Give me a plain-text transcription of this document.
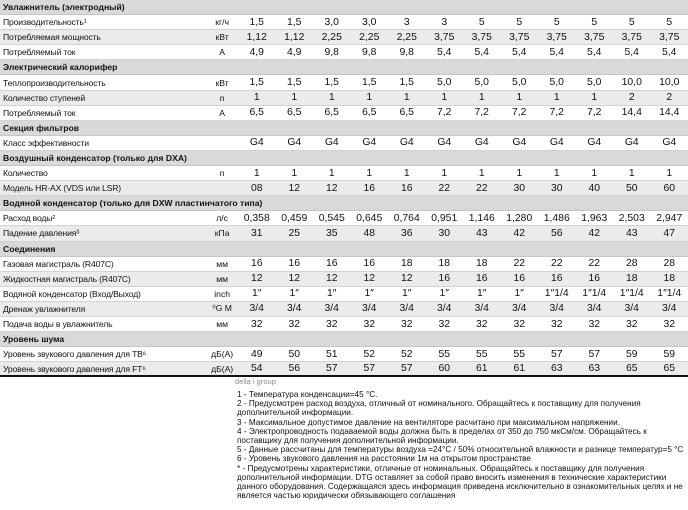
Увлажнитель (электродный)
Производительность¹	кг/ч	1,5	1,5	3,0	3,0	3	3	5	5	5	5	5	5
Потребляемая мощность	кВт	1,12	1,12	2,25	2,25	2,25	3,75	3,75	3,75	3,75	3,75	3,75	3,75
Потребляемый ток	A	4,9	4,9	9,8	9,8	9,8	5,4	5,4	5,4	5,4	5,4	5,4	5,4
Электрический калорифер
Теплопроизводительность	кВт	1,5	1,5	1,5	1,5	1,5	5,0	5,0	5,0	5,0	5,0	10,0	10,0
Количество ступеней	n	1	1	1	1	1	1	1	1	1	1	2	2
Потребляемый ток	A	6,5	6,5	6,5	6,5	6,5	7,2	7,2	7,2	7,2	7,2	14,4	14,4
Секция фильтров
Класс эффективности	G4	G4	G4	G4	G4	G4	G4	G4	G4	G4	G4	G4
Воздушный конденсатор (только для DXA)
Количество	n	1	1	1	1	1	1	1	1	1	1	1	1
Модель HR-AX (VDS или LSR)	08	12	12	16	16	22	22	30	30	40	50	60
Водяной конденсатор (только для DXW пластинчатого типа)
Расход воды²	л/с	0,358	0,459	0,545	0,645	0,764	0,951	1,146	1,280	1,486	1,963	2,503	2,947
Падение давления³	кПа	31	25	35	48	36	30	43	42	56	42	43	47
Соединения
Газовая магистраль (R407C)	мм	16	16	16	16	18	18	18	22	22	22	28	28
Жидкостная магистраль (R407C)	мм	12	12	12	12	12	16	16	16	16	16	18	18
Водяной конденсатор (Вход/Выход)	inch	1″	1″	1″	1″	1″	1″	1″	1″	1″1/4	1″1/4	1″1/4	1″1/4
Дренаж увлажнителя	⁰G M	3/4	3/4	3/4	3/4	3/4	3/4	3/4	3/4	3/4	3/4	3/4	3/4
Подача воды в увлажнитель	мм	32	32	32	32	32	32	32	32	32	32	32	32
Уровень шума
Уровень звукового давления для ТВ⁶	дБ(A)	49	50	51	52	52	55	55	55	57	57	59	59
Уровень звукового давления для FT⁶	дБ(A)	54	56	57	57	57	60	61	61	63	63	65	65
della i group
1 - Температура конденсации=45 °C.
2 - Предусмотрен расход воздуха, отличный от номинального. Обращайтесь к поставщику для получения дополнительной информации.
3 - Максимальное допустимое давление на вентиляторе расчитано при максимальном напряжении.
4 - Электропроводность подаваемой воды должна быть в пределах от 350 до 750 мкСм/см. Обращайтесь к поставщику для получения дополнительной информации.
5 - Данные рассчитаны для температуры воздуха =24°C / 50% относительной влажности и разнице температур=5 °C
6 - Уровень звукового давления на расстоянии 1м на открытом пространстве
* - Предусмотрены характеристики, отличные от номинальных. Обращайтесь к поставщику для получения дополнительной информации. DTG оставляет за собой право вносить изменения в технические характеристики данного оборудования. Содержащаяся здесь информация приведена исключительно в ознакомительных целях и не является частью юридически обязывающего соглашения
